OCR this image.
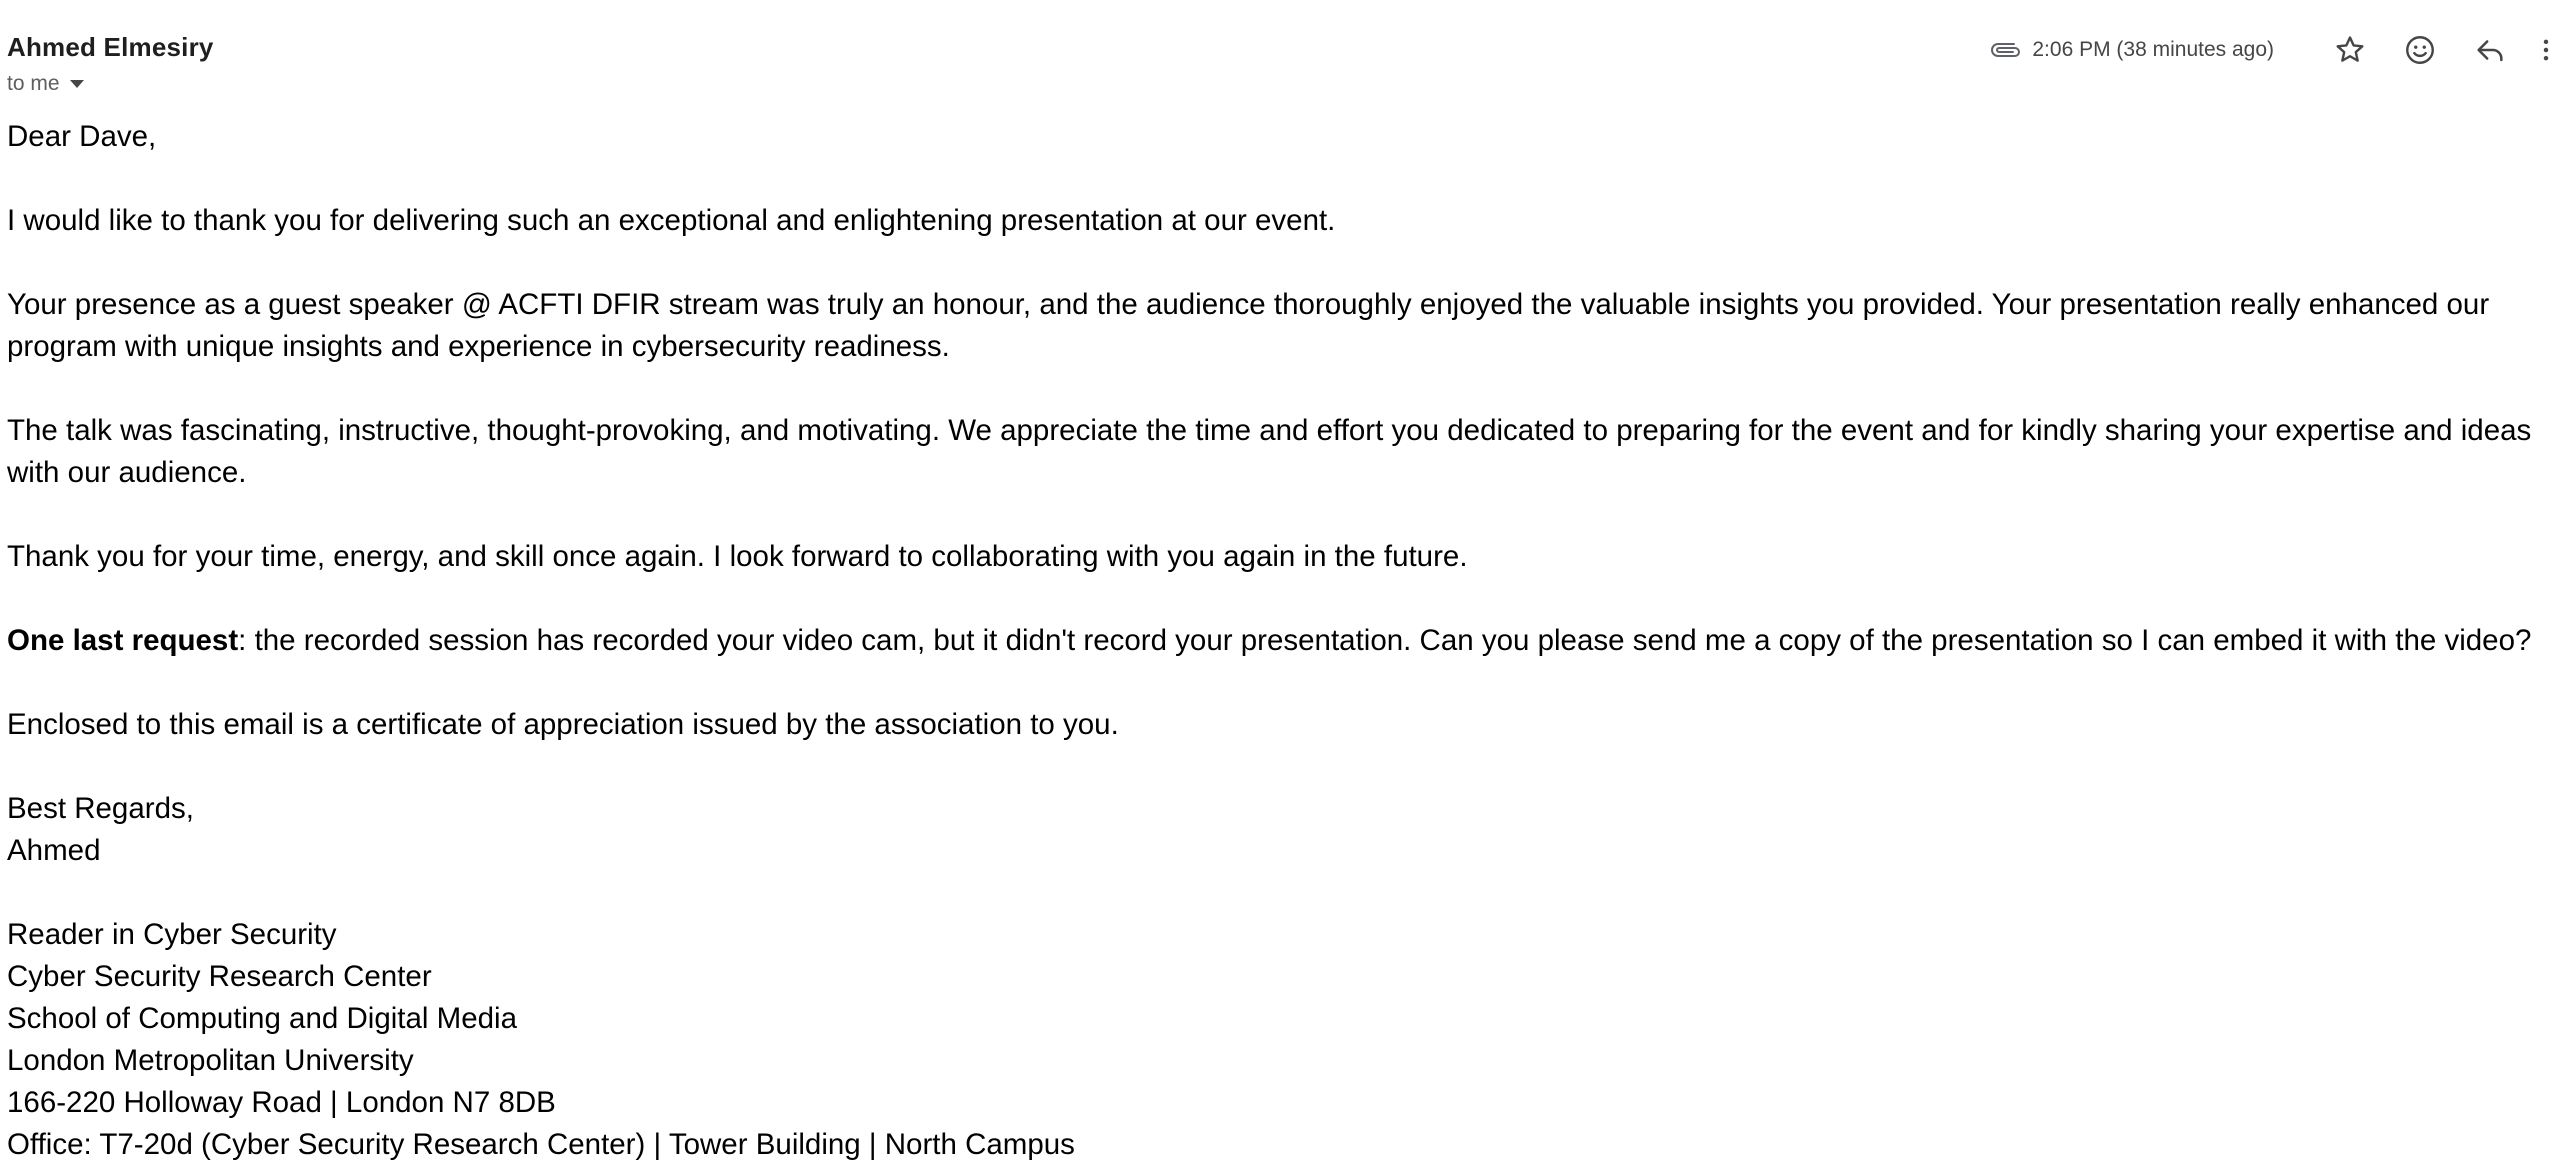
Ahmed Elmesiry
to me
2:06 PM (38 minutes ago)

Dear Dave,

I would like to thank you for delivering such an exceptional and enlightening presentation at our event.

Your presence as a guest speaker @ ACFTI DFIR stream was truly an honour, and the audience thoroughly enjoyed the valuable insights you provided. Your presentation really enhanced our program with unique insights and experience in cybersecurity readiness.

The talk was fascinating, instructive, thought-provoking, and motivating. We appreciate the time and effort you dedicated to preparing for the event and for kindly sharing your expertise and ideas with our audience.

Thank you for your time, energy, and skill once again. I look forward to collaborating with you again in the future.

One last request: the recorded session has recorded your video cam, but it didn't record your presentation. Can you please send me a copy of the presentation so I can embed it with the video?

Enclosed to this email is a certificate of appreciation issued by the association to you.

Best Regards,

Ahmed

Reader in Cyber Security

Cyber Security Research Center

School of Computing and Digital Media

London Metropolitan University

166-220 Holloway Road | London N7 8DB

Office: T7-20d (Cyber Security Research Center) | Tower Building | North Campus
